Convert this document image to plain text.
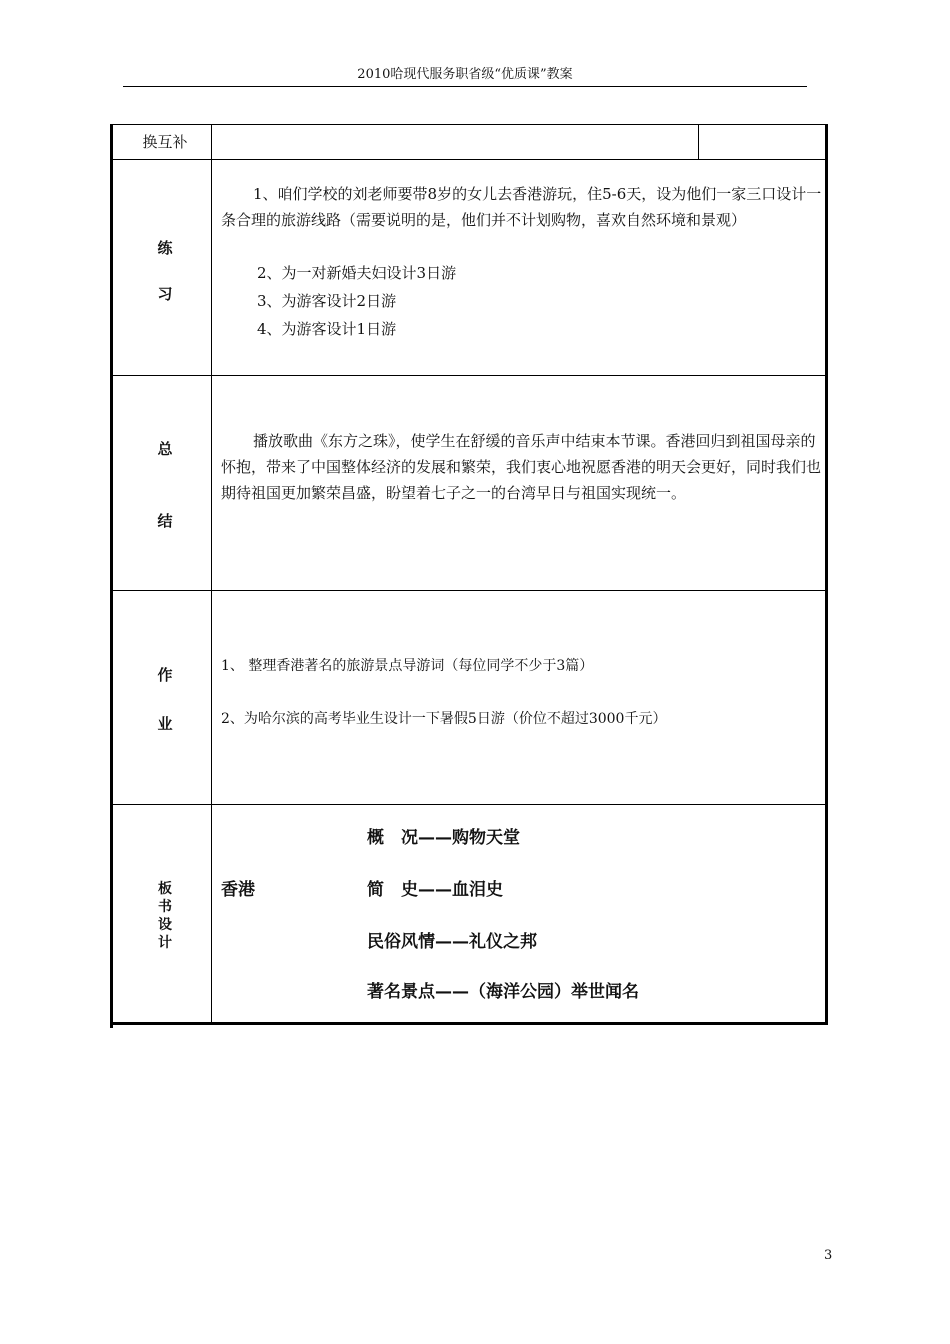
2010哈现代服务职省级“优质课”教案
换互补
练
习

1、咱们学校的刘老师要带8岁的女儿去香港游玩，住5-6天，设为他们一家三口设计一条合理的旅游线路（需要说明的是，他们并不计划购物，喜欢自然环境和景观）

2、为一对新婚夫妇设计3日游
3、为游客设计2日游
4、为游客设计1日游
总
结

播放歌曲《东方之珠》，使学生在舒缓的音乐声中结束本节课。香港回归到祖国母亲的怀抱，带来了中国整体经济的发展和繁荣，我们衷心地祝愿香港的明天会更好，同时我们也期待祖国更加繁荣昌盛，盼望着七子之一的台湾早日与祖国实现统一。

作
业
1、 整理香港著名的旅游景点导游词（每位同学不少于3篇）
2、为哈尔滨的高考毕业生设计一下暑假5日游（价位不超过3000千元）
板
书
设
计
香港
概　况——购物天堂
简　史——血泪史
民俗风情——礼仪之邦
著名景点——（海洋公园）举世闻名
3
